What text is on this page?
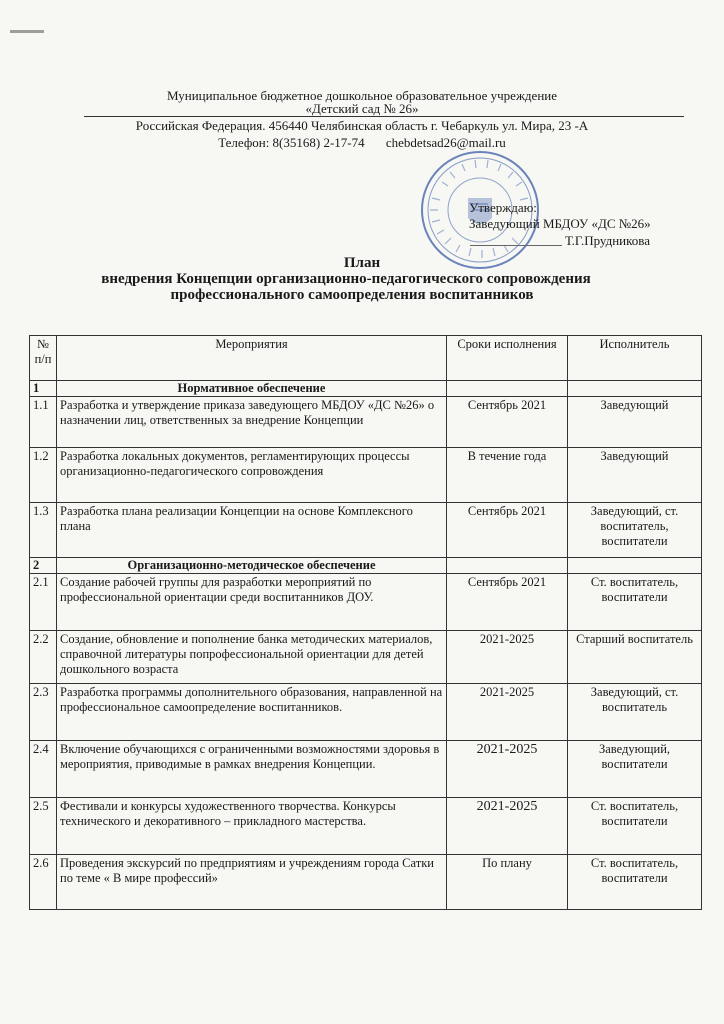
Муниципальное бюджетное дошкольное образовательное учреждение
«Детский сад № 26»
Российская Федерация. 456440 Челябинская область г. Чебаркуль ул. Мира, 23 -А
Телефон: 8(35168) 2-17-74 chebdetsad26@mail.ru
Утверждаю:
Заведующий МБДОУ «ДС №26»
Т.Г.Прудникова
План
внедрения Концепции организационно-педагогического сопровождения
профессионального самоопределения воспитанников
№ п/п	Мероприятия	Сроки исполнения	Исполнитель
1	Нормативное обеспечение		
1.1	Разработка и утверждение приказа заведующего МБДОУ «ДС №26» о назначении лиц, ответственных за внедрение Концепции	Сентябрь 2021	Заведующий
1.2	Разработка локальных документов, регламентирующих процессы организационно-педагогического сопровождения	В течение года	Заведующий
1.3	Разработка плана реализации Концепции на основе Комплексного плана	Сентябрь 2021	Заведующий, ст. воспитатель, воспитатели
2	Организационно-методическое обеспечение		
2.1	Создание рабочей группы для разработки мероприятий по профессиональной ориентации среди воспитанников ДОУ.	Сентябрь 2021	Ст. воспитатель, воспитатели
2.2	Создание, обновление и пополнение банка методических материалов, справочной литературы попрофессиональной ориентации для детей дошкольного возраста	2021-2025	Старший воспитатель
2.3	Разработка программы дополнительного образования, направленной на профессиональное самоопределение воспитанников.	2021-2025	Заведующий, ст. воспитатель
2.4	Включение обучающихся с ограниченными возможностями здоровья в мероприятия, приводимые в рамках внедрения Концепции.	2021-2025	Заведующий, воспитатели
2.5	Фестивали и конкурсы художественного творчества. Конкурсы технического и декоративного – прикладного мастерства.	2021-2025	Ст. воспитатель, воспитатели
2.6	Проведения экскурсий по предприятиям и учреждениям города Сатки по теме « В мире профессий»	По плану	Ст. воспитатель, воспитатели
